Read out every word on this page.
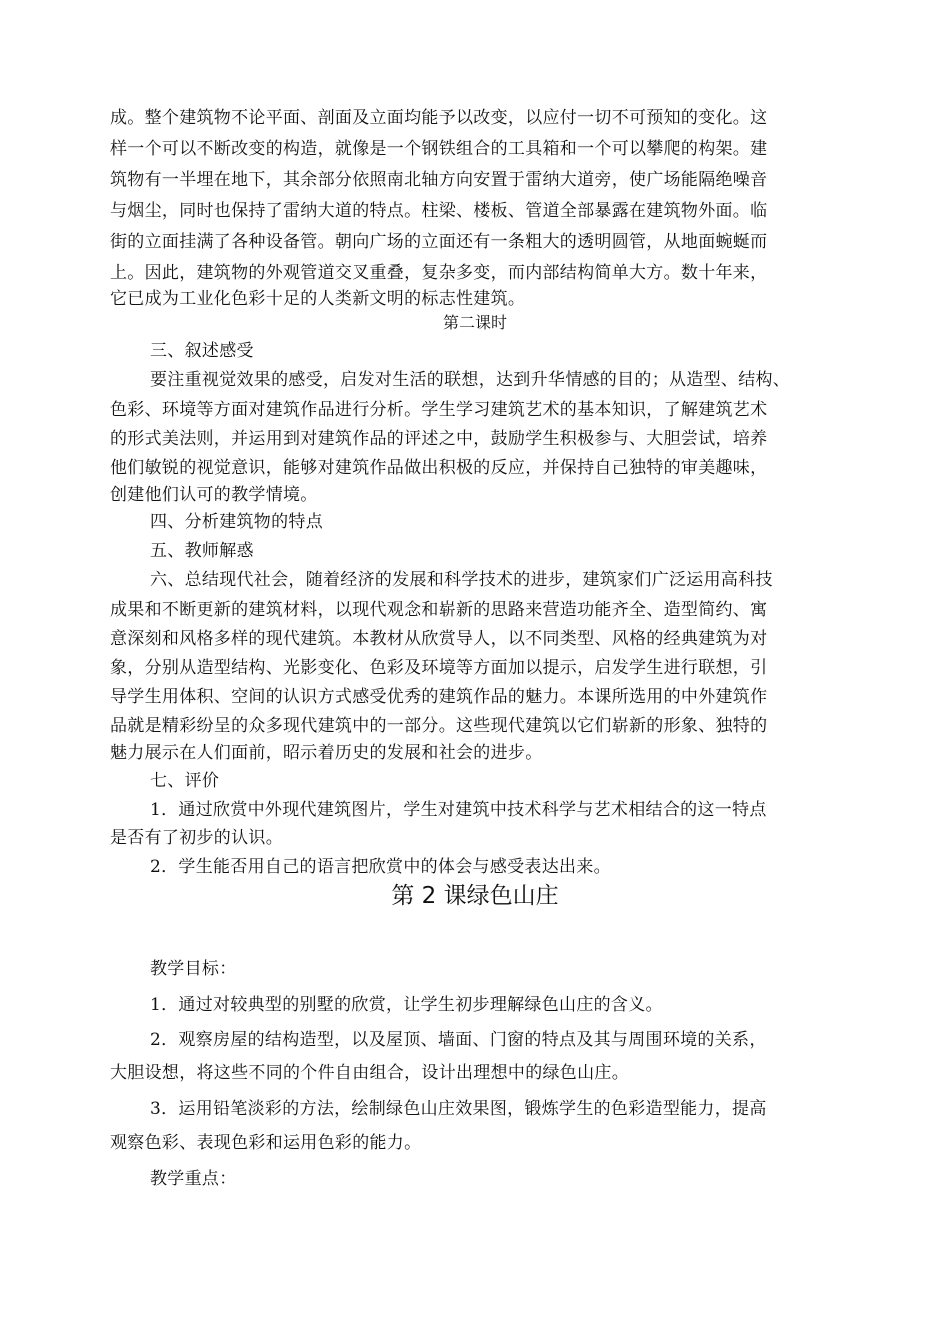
成。整个建筑物不论平面、剖面及立面均能予以改变，以应付一切不可预知的变化。这
样一个可以不断改变的构造，就像是一个钢铁组合的工具箱和一个可以攀爬的构架。建
筑物有一半埋在地下，其余部分依照南北轴方向安置于雷纳大道旁，使广场能隔绝噪音
与烟尘，同时也保持了雷纳大道的特点。柱梁、楼板、管道全部暴露在建筑物外面。临
街的立面挂满了各种设备管。朝向广场的立面还有一条粗大的透明圆管，从地面蜿蜒而
上。因此，建筑物的外观管道交叉重叠，复杂多变，而内部结构简单大方。数十年来，
它已成为工业化色彩十足的人类新文明的标志性建筑。
第二课时
三、叙述感受
要注重视觉效果的感受，启发对生活的联想，达到升华情感的目的；从造型、结构、
色彩、环境等方面对建筑作品进行分析。学生学习建筑艺术的基本知识，了解建筑艺术
的形式美法则，并运用到对建筑作品的评述之中，鼓励学生积极参与、大胆尝试，培养
他们敏锐的视觉意识，能够对建筑作品做出积极的反应，并保持自己独特的审美趣味，
创建他们认可的教学情境。
四、分析建筑物的特点
五、教师解惑
六、总结现代社会，随着经济的发展和科学技术的进步，建筑家们广泛运用高科技
成果和不断更新的建筑材料，以现代观念和崭新的思路来营造功能齐全、造型简约、寓
意深刻和风格多样的现代建筑。本教材从欣赏导人，以不同类型、风格的经典建筑为对
象，分别从造型结构、光影变化、色彩及环境等方面加以提示，启发学生进行联想，引
导学生用体积、空间的认识方式感受优秀的建筑作品的魅力。本课所选用的中外建筑作
品就是精彩纷呈的众多现代建筑中的一部分。这些现代建筑以它们崭新的形象、独特的
魅力展示在人们面前，昭示着历史的发展和社会的进步。
七、评价
1．通过欣赏中外现代建筑图片，学生对建筑中技术科学与艺术相结合的这一特点
是否有了初步的认识。
2．学生能否用自己的语言把欣赏中的体会与感受表达出来。
第 2 课绿色山庄
教学目标：
1．通过对较典型的别墅的欣赏，让学生初步理解绿色山庄的含义。
2．观察房屋的结构造型，以及屋顶、墙面、门窗的特点及其与周围环境的关系，
大胆设想，将这些不同的个件自由组合，设计出理想中的绿色山庄。
3．运用铅笔淡彩的方法，绘制绿色山庄效果图，锻炼学生的色彩造型能力，提高
观察色彩、表现色彩和运用色彩的能力。
教学重点：
